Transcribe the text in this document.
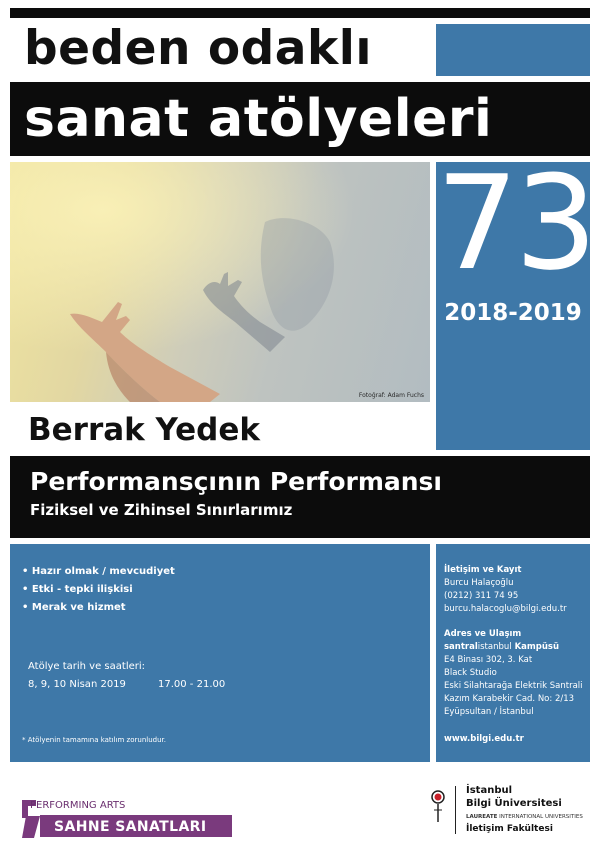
beden odaklı
sanat atölyeleri
Fotoğraf: Adam Fuchs
73
2018-2019
Berrak Yedek
Performansçının Performansı
Fiziksel ve Zihinsel Sınırlarımız
• Hazır olmak / mevcudiyet
• Etki - tepki ilişkisi
• Merak ve hizmet
Atölye tarih ve saatleri:
8, 9, 10 Nisan 2019	17.00 - 21.00
* Atölyenin tamamına katılım zorunludur.
İletişim ve Kayıt
Burcu Halaçoğlu
(0212) 311 74 95
burcu.halacoglu@bilgi.edu.tr
Adres ve Ulaşım
santralistanbul Kampüsü
E4 Binası 302, 3. Kat
Black Studio
Eski Silahtarağa Elektrik Santrali
Kazım Karabekir Cad. No: 2/13
Eyüpsultan / İstanbul
www.bilgi.edu.tr
PERFORMING ARTS
SAHNE SANATLARI
İstanbul
Bilgi Üniversitesi
LAUREATE INTERNATIONAL UNIVERSITIES
İletişim Fakültesi
